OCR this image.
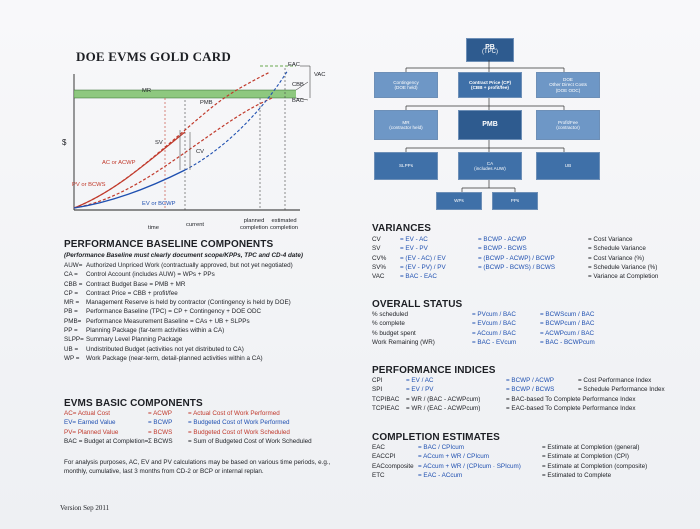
DOE EVMS GOLD CARD
EAC
VAC
CBB
BAC
MR
PMB
SV
CV
$
AC or ACWP
PV or BCWS
EV or BCWP
time	current
planned
completion
estimated
completion
PERFORMANCE BASELINE COMPONENTS
(Performance Baseline must clearly document scope/KPPs, TPC and CD-4 date)
AUW= Authorized Unpriced Work (contractually approved, but not yet negotiated)
CA = Control Account (includes AUW) = WPs + PPs
CBB = Contract Budget Base = PMB + MR
CP = Contract Price = CBB + profit/fee
MR = Management Reserve is held by contractor (Contingency is held by DOE)
PB = Performance Baseline (TPC) = CP + Contingency + DOE ODC
PMB= Performance Measurement Baseline = CAs + UB + SLPPs
PP = Planning Package (far-term activities within a CA)
SLPP= Summary Level Planning Package
UB = Undistributed Budget (activities not yet distributed to CA)
WP = Work Package (near-term, detail-planned activities within a CA)
EVMS BASIC COMPONENTS
AC= Actual Cost	= ACWP	= Actual Cost of Work Performed
EV= Earned Value	= BCWP = Budgeted Cost of Work Performed
PV= Planned Value	= BCWS = Budgeted Cost of Work Scheduled
BAC = Budget at Completion=Σ BCWS = Sum of Budgeted Cost of Work Scheduled
For analysis purposes, AC, EV and PV calculations may be based on various time periods, e.g., monthly, cumulative, last 3 months from CD-2 or BCP or internal replan.
Version Sep 2011
PB
(TPC)
Contingency
(DOE held)
Contract Price (CP)
(CBB + profit/fee)
DOE
Other Direct Costs
(DOE ODC)
MR
(contractor held)	PMB	Profit/Fee
(contractor)
SLPPs
CA
(includes AUW)
UB
WPs	PPs
VARIANCES
CV	= EV - AC	= BCWP - ACWP	= Cost Variance
SV	= EV - PV	= BCWP - BCWS	= Schedule Variance
CV% = (EV - AC) / EV	= (BCWP - ACWP) / BCWP	= Cost Variance (%)
SV% = (EV - PV) / PV	= (BCWP - BCWS) / BCWS	= Schedule Variance (%)
VAC = BAC - EAC	= Variance at Completion
OVERALL STATUS
% scheduled	= PVcum / BAC	= BCWScum / BAC
% complete	= EVcum / BAC	= BCWPcum / BAC
% budget spent	= ACcum / BAC	= ACWPcum / BAC
Work Remaining (WR)	= BAC - EVcum	= BAC - BCWPcum
PERFORMANCE INDICES
CPI	= EV / AC	= BCWP / ACWP	= Cost Performance Index
SPI	= EV / PV	= BCWP / BCWS	= Schedule Performance Index
TCPIBAC = WR / (BAC - ACWPcum)	= BAC-based To Complete Performance Index
TCPIEAC = WR / (EAC - ACWPcum)	= EAC-based To Complete Performance Index
COMPLETION ESTIMATES
EAC	= BAC / CPIcum	= Estimate at Completion (general)
EACCPI	= ACcum + WR / CPIcum	= Estimate at Completion (CPI)
EACcomposite = ACcum + WR / (CPIcum · SPIcum)	= Estimate at Completion (composite)
ETC	= EAC - ACcum	= Estimated to Complete
